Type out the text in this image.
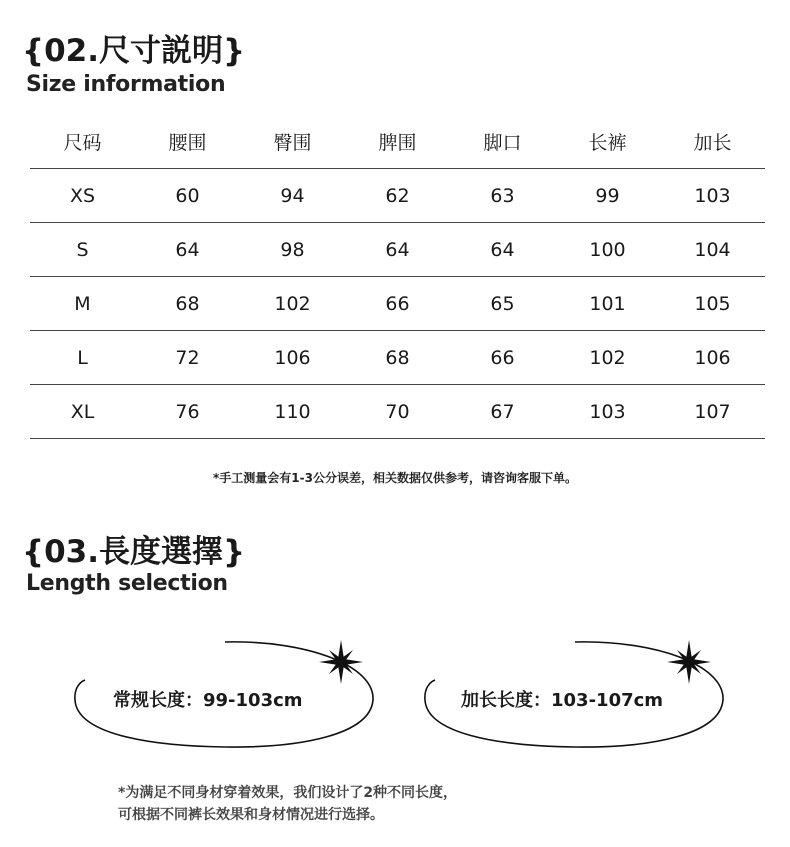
{02.尺寸説明}
Size information
尺码	腰围	臀围	脾围	脚口	长裤	加长
XS	60	94	62	63	99	103
S	64	98	64	64	100	104
M	68	102	66	65	101	105
L	72	106	68	66	102	106
XL	76	110	70	67	103	107
*手工测量会有1-3公分误差，相关数据仅供参考，请咨询客服下单。
{03.長度選擇}
Length selection
常规长度：99-103cm	加长长度：103-107cm
*为满足不同身材穿着效果，我们设计了2种不同长度，
可根据不同裤长效果和身材情况进行选择。
